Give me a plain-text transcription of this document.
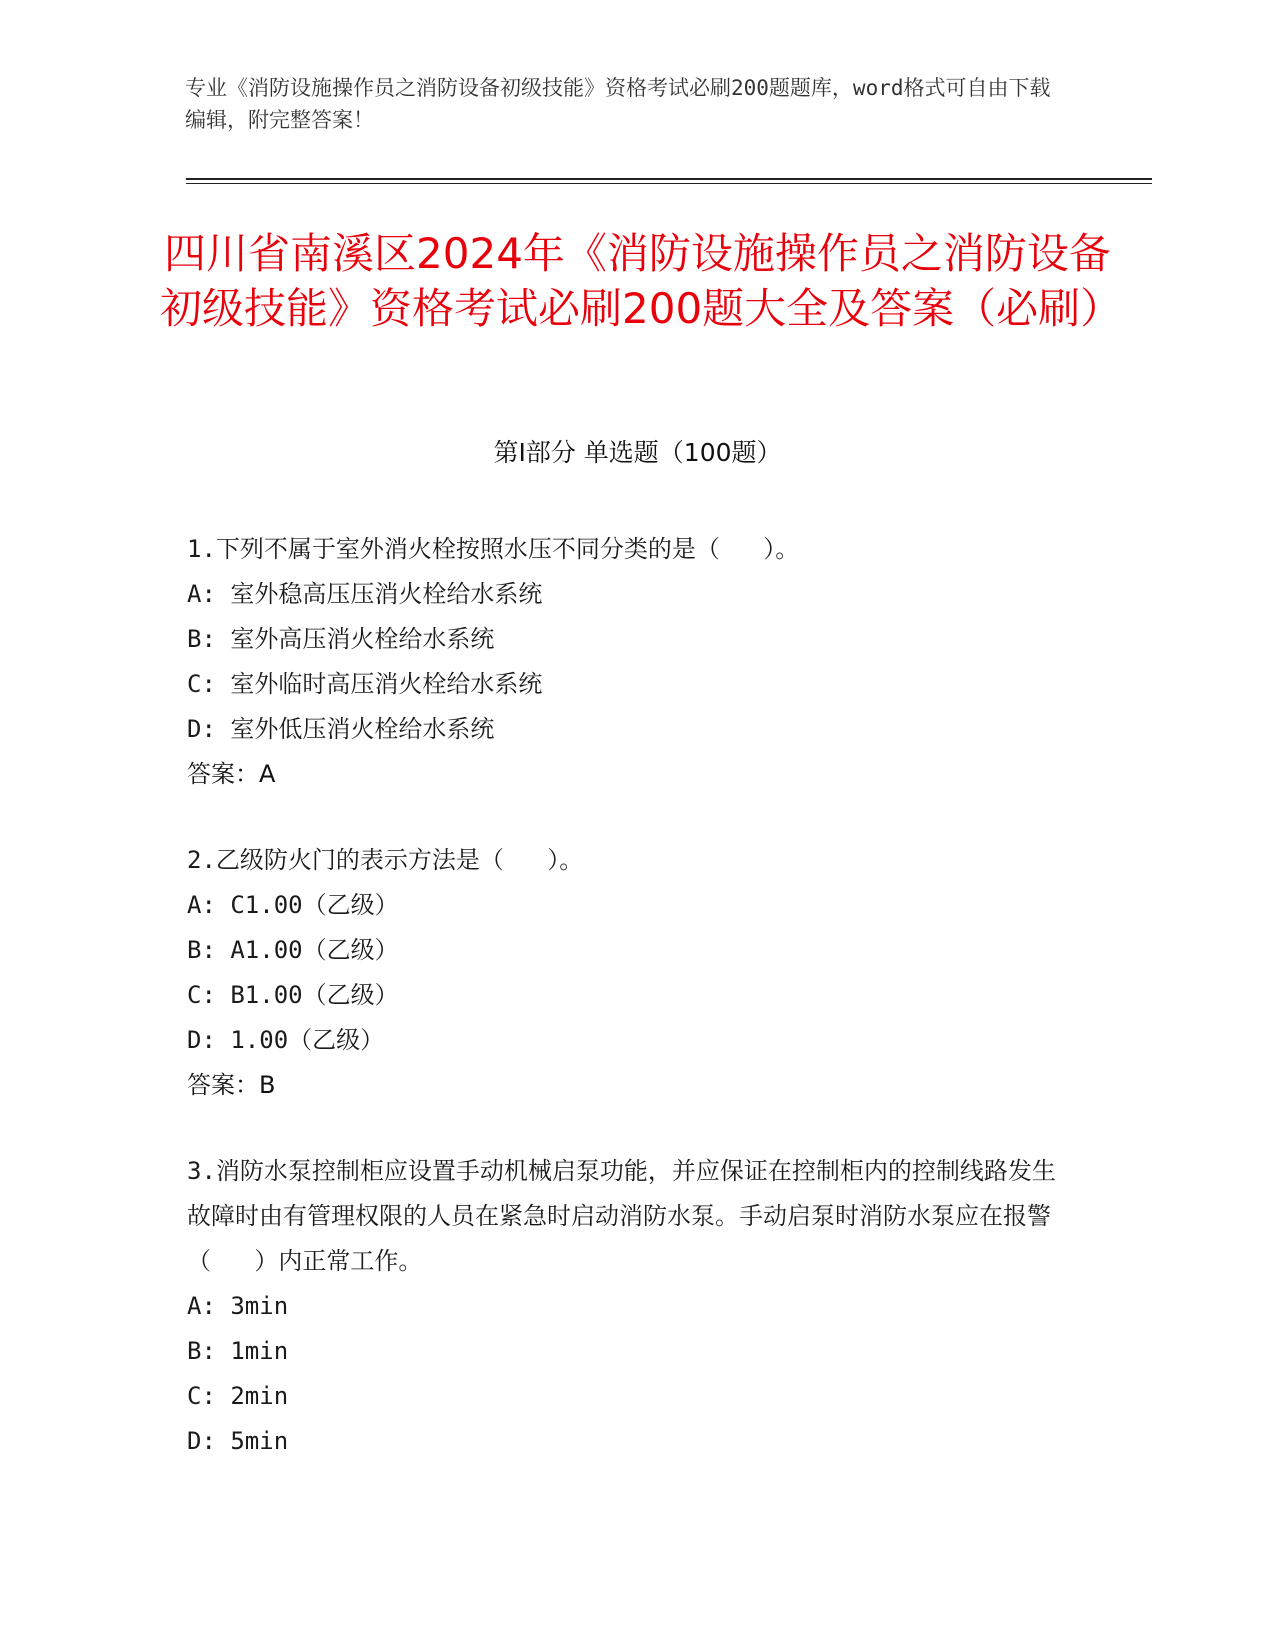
专业《消防设施操作员之消防设备初级技能》资格考试必刷200题题库，word格式可自由下载编辑，附完整答案！
四川省南溪区2024年《消防设施操作员之消防设备初级技能》资格考试必刷200题大全及答案（必刷）
第I部分 单选题（100题）
1.下列不属于室外消火栓按照水压不同分类的是（   ）。
A: 室外稳高压压消火栓给水系统
B: 室外高压消火栓给水系统
C: 室外临时高压消火栓给水系统
D: 室外低压消火栓给水系统
答案：A
2.乙级防火门的表示方法是（   ）。
A: C1.00（乙级）
B: A1.00（乙级）
C: B1.00（乙级）
D: 1.00（乙级）
答案：B
3.消防水泵控制柜应设置手动机械启泵功能，并应保证在控制柜内的控制线路发生故障时由有管理权限的人员在紧急时启动消防水泵。手动启泵时消防水泵应在报警（   ）内正常工作。
A: 3min
B: 1min
C: 2min
D: 5min
